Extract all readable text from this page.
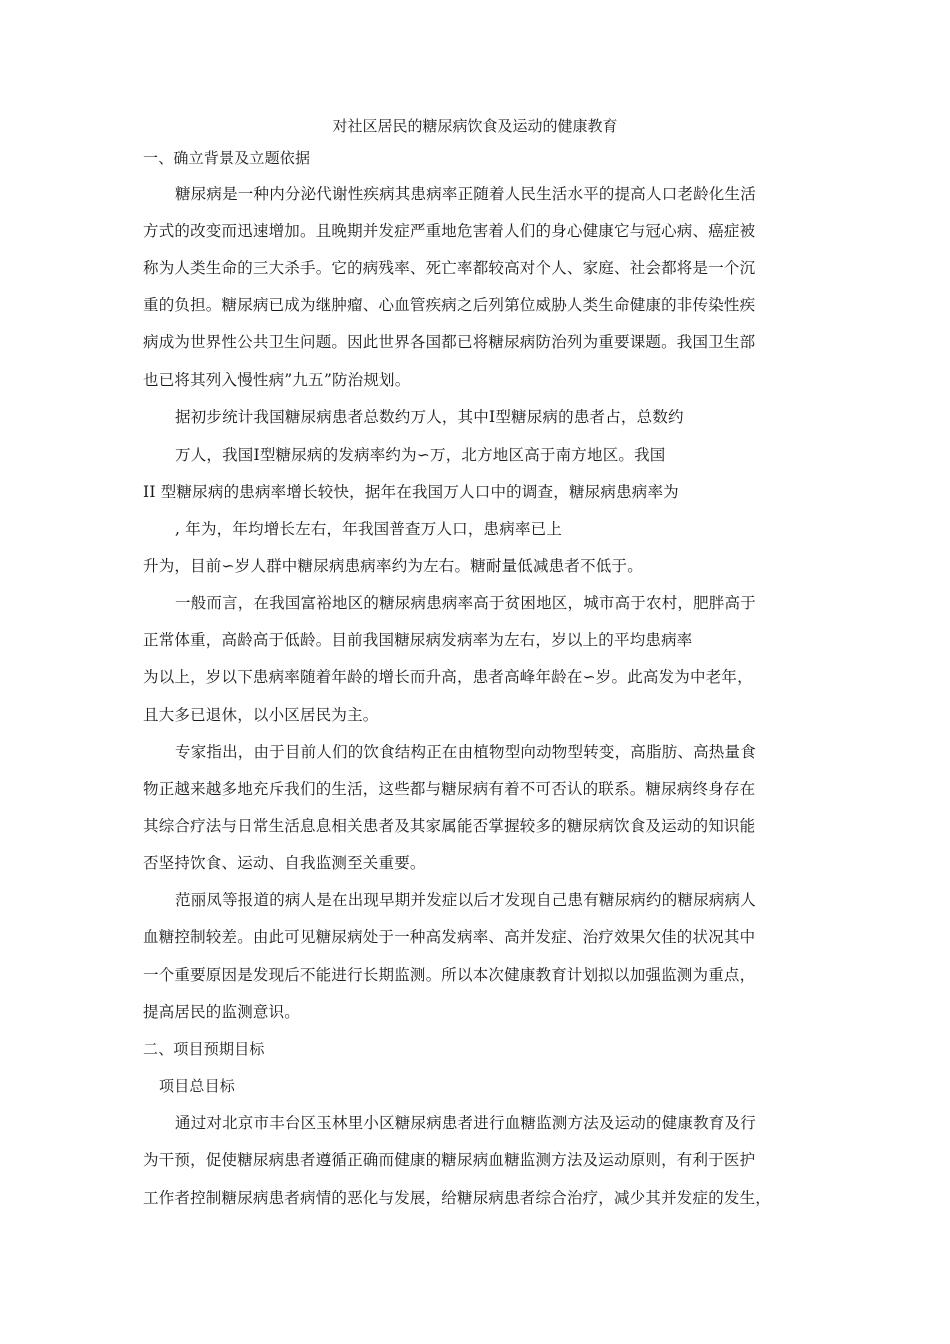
对社区居民的糖尿病饮食及运动的健康教育
一、确立背景及立题依据
糖尿病是一种内分泌代谢性疾病其患病率正随着人民生活水平的提高人口老龄化生活
方式的改变而迅速增加。且晚期并发症严重地危害着人们的身心健康它与冠心病、癌症被
称为人类生命的三大杀手。它的病残率、死亡率都较高对个人、家庭、社会都将是一个沉
重的负担。糖尿病已成为继肿瘤、心血管疾病之后列第位威胁人类生命健康的非传染性疾
病成为世界性公共卫生问题。因此世界各国都已将糖尿病防治列为重要课题。我国卫生部
也已将其列入慢性病”九五”防治规划。
据初步统计我国糖尿病患者总数约万人，其中Ⅰ型糖尿病的患者占，总数约
万人，我国Ⅰ型糖尿病的发病率约为∽万，北方地区高于南方地区。我国
II 型糖尿病的患病率增长较快，据年在我国万人口中的调查，糖尿病患病率为
, 年为，年均增长左右，年我国普查万人口，患病率已上
升为，目前∽岁人群中糖尿病患病率约为左右。糖耐量低减患者不低于。
一般而言，在我国富裕地区的糖尿病患病率高于贫困地区，城市高于农村，肥胖高于
正常体重，高龄高于低龄。目前我国糖尿病发病率为左右，岁以上的平均患病率
为以上，岁以下患病率随着年龄的增长而升高，患者高峰年龄在∽岁。此高发为中老年，
且大多已退休，以小区居民为主。
专家指出，由于目前人们的饮食结构正在由植物型向动物型转变，高脂肪、高热量食
物正越来越多地充斥我们的生活，这些都与糖尿病有着不可否认的联系。糖尿病终身存在
其综合疗法与日常生活息息相关患者及其家属能否掌握较多的糖尿病饮食及运动的知识能
否坚持饮食、运动、自我监测至关重要。
范丽凤等报道的病人是在出现早期并发症以后才发现自己患有糖尿病约的糖尿病病人
血糖控制较差。由此可见糖尿病处于一种高发病率、高并发症、治疗效果欠佳的状况其中
一个重要原因是发现后不能进行长期监测。所以本次健康教育计划拟以加强监测为重点，
提高居民的监测意识。
二、项目预期目标
项目总目标
通过对北京市丰台区玉林里小区糖尿病患者进行血糖监测方法及运动的健康教育及行
为干预，促使糖尿病患者遵循正确而健康的糖尿病血糖监测方法及运动原则，有利于医护
工作者控制糖尿病患者病情的恶化与发展，给糖尿病患者综合治疗，减少其并发症的发生，
